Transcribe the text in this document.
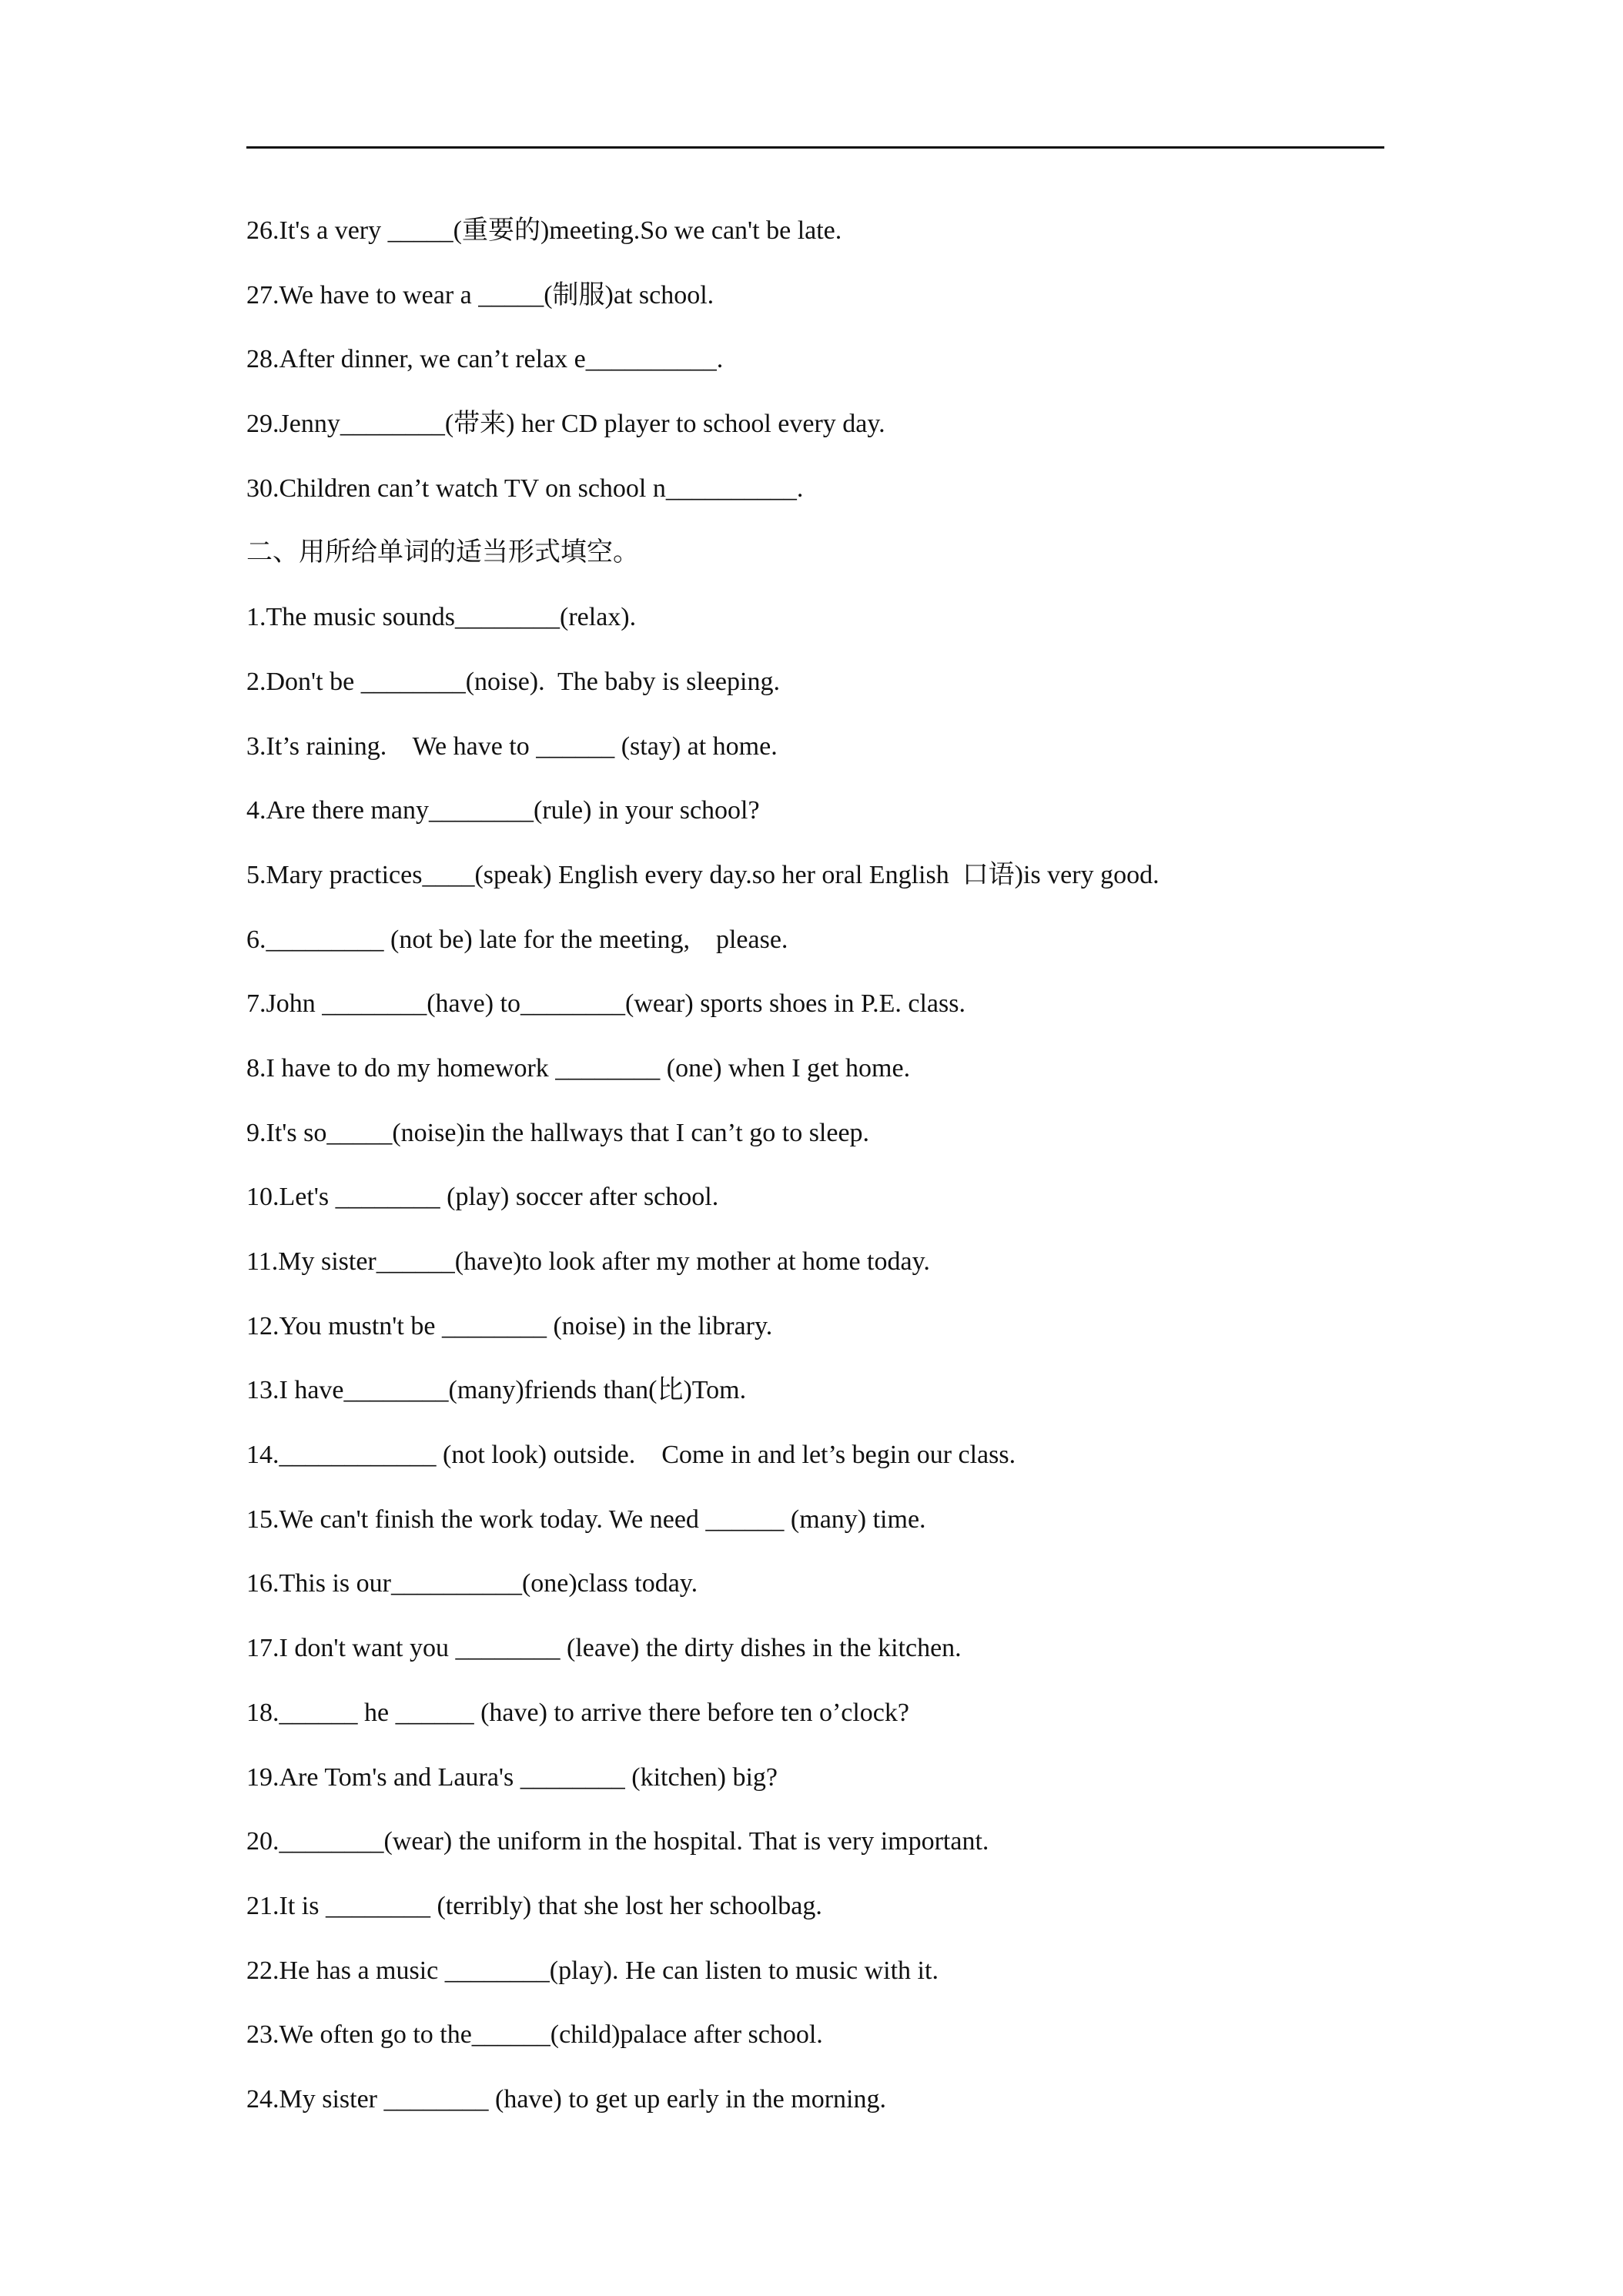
26.It's a very _____(重要的)meeting.So we can't be late.
27.We have to wear a _____(制服)at school.
28.After dinner, we can’t relax e__________.
29.Jenny________(带来) her CD player to school every day.
30.Children can’t watch TV on school n__________.
二、用所给单词的适当形式填空。
1.The music sounds________(relax).
2.Don't be ________(noise).  The baby is sleeping.
3.It’s raining.    We have to ______ (stay) at home.
4.Are there many________(rule) in your school?
5.Mary practices____(speak) English every day.so her oral English  口语)is very good.
6._________ (not be) late for the meeting,    please.
7.John ________(have) to________(wear) sports shoes in P.E. class.
8.I have to do my homework ________ (one) when I get home.
9.It's so_____(noise)in the hallways that I can’t go to sleep.
10.Let's ________ (play) soccer after school.
11.My sister______(have)to look after my mother at home today.
12.You mustn't be ________ (noise) in the library.
13.I have________(many)friends than(比)Tom.
14.____________ (not look) outside.    Come in and let’s begin our class.
15.We can't finish the work today. We need ______ (many) time.
16.This is our__________(one)class today.
17.I don't want you ________ (leave) the dirty dishes in the kitchen.
18.______ he ______ (have) to arrive there before ten o’clock?
19.Are Tom's and Laura's ________ (kitchen) big?
20.________(wear) the uniform in the hospital. That is very important.
21.It is ________ (terribly) that she lost her schoolbag.
22.He has a music ________(play). He can listen to music with it.
23.We often go to the______(child)palace after school.
24.My sister ________ (have) to get up early in the morning.
